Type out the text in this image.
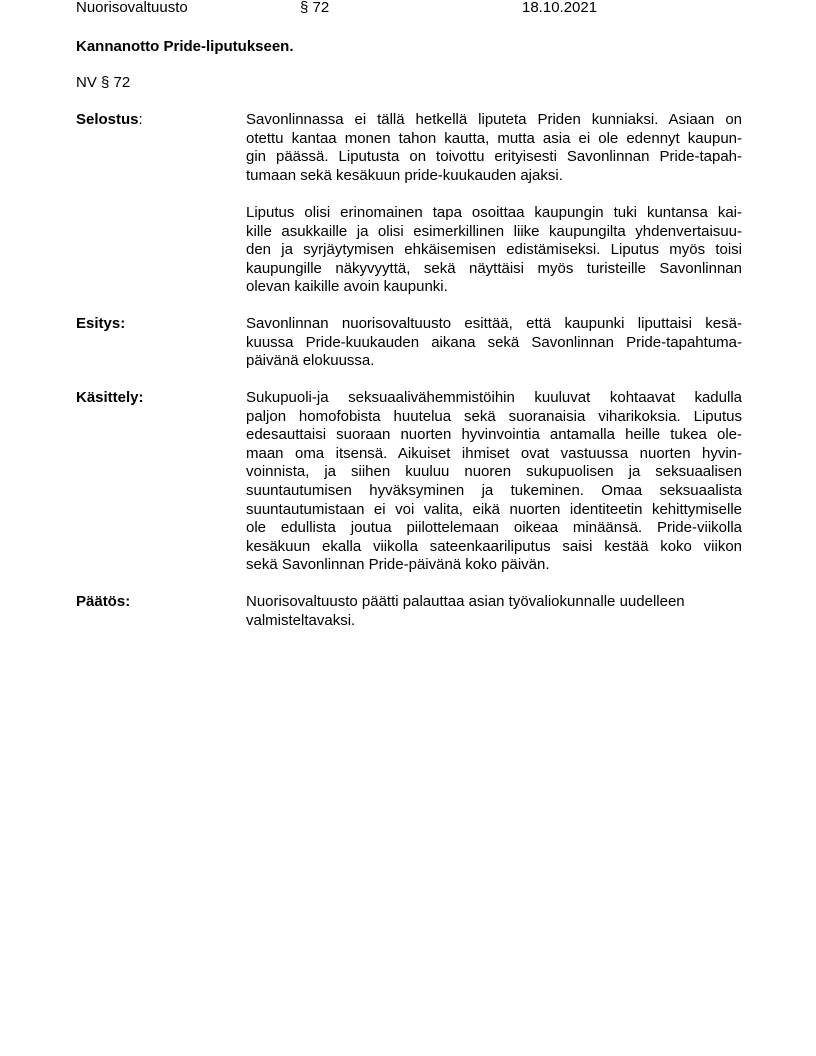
Nuorisovaltuusto	§ 72	18.10.2021
Kannanotto Pride-liputukseen.
NV § 72
Selostus:	Savonlinnassa ei tällä hetkellä liputeta Priden kunniaksi. Asiaan on
otettu kantaa monen tahon kautta, mutta asia ei ole edennyt kaupun-
gin päässä. Liputusta on toivottu erityisesti Savonlinnan Pride-tapah-
tumaan sekä kesäkuun pride-kuukauden ajaksi.

Liputus olisi erinomainen tapa osoittaa kaupungin tuki kuntansa kai-
kille asukkaille ja olisi esimerkillinen liike kaupungilta yhdenvertaisuu-
den ja syrjäytymisen ehkäisemisen edistämiseksi. Liputus myös toisi
kaupungille näkyvyyttä, sekä näyttäisi myös turisteille Savonlinnan
olevan kaikille avoin kaupunki.

Esitys:	Savonlinnan nuorisovaltuusto esittää, että kaupunki liputtaisi kesä-
kuussa Pride-kuukauden aikana sekä Savonlinnan Pride-tapahtuma-
päivänä elokuussa.

Käsittely:	Sukupuoli-ja seksuaalivähemmistöihin kuuluvat kohtaavat kadulla
paljon homofobista huutelua sekä suoranaisia viharikoksia. Liputus
edesauttaisi suoraan nuorten hyvinvointia antamalla heille tukea ole-
maan oma itsensä. Aikuiset ihmiset ovat vastuussa nuorten hyvin-
voinnista, ja siihen kuuluu nuoren sukupuolisen ja seksuaalisen
suuntautumisen hyväksyminen ja tukeminen. Omaa seksuaalista
suuntautumistaan ei voi valita, eikä nuorten identiteetin kehittymiselle
ole edullista joutua piilottelemaan oikeaa minäänsä. Pride-viikolla
kesäkuun ekalla viikolla sateenkaariliputus saisi kestää koko viikon
sekä Savonlinnan Pride-päivänä koko päivän.

Päätös:	Nuorisovaltuusto päätti palauttaa asian työvaliokunnalle uudelleen
valmisteltavaksi.
